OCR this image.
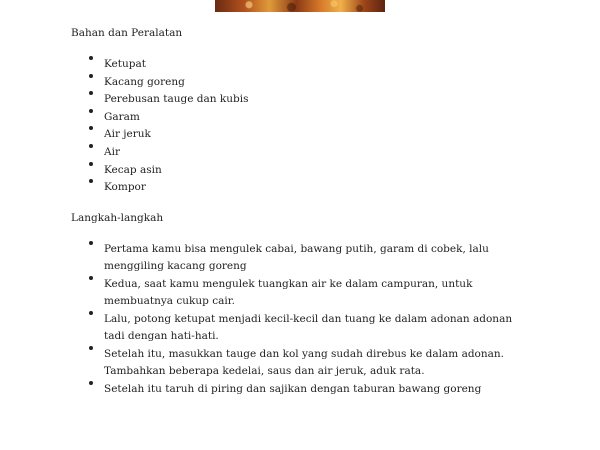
Bahan dan Peralatan

Ketupat
Kacang goreng
Perebusan tauge dan kubis
Garam
Air jeruk
Air
Kecap asin
Kompor

Langkah-langkah

Pertama kamu bisa mengulek cabai, bawang putih, garam di cobek, lalu menggiling kacang goreng
Kedua, saat kamu mengulek tuangkan air ke dalam campuran, untuk membuatnya cukup cair.
Lalu, potong ketupat menjadi kecil-kecil dan tuang ke dalam adonan adonan tadi dengan hati-hati.
Setelah itu, masukkan tauge dan kol yang sudah direbus ke dalam adonan. Tambahkan beberapa kedelai, saus dan air jeruk, aduk rata.
Setelah itu taruh di piring dan sajikan dengan taburan bawang goreng
